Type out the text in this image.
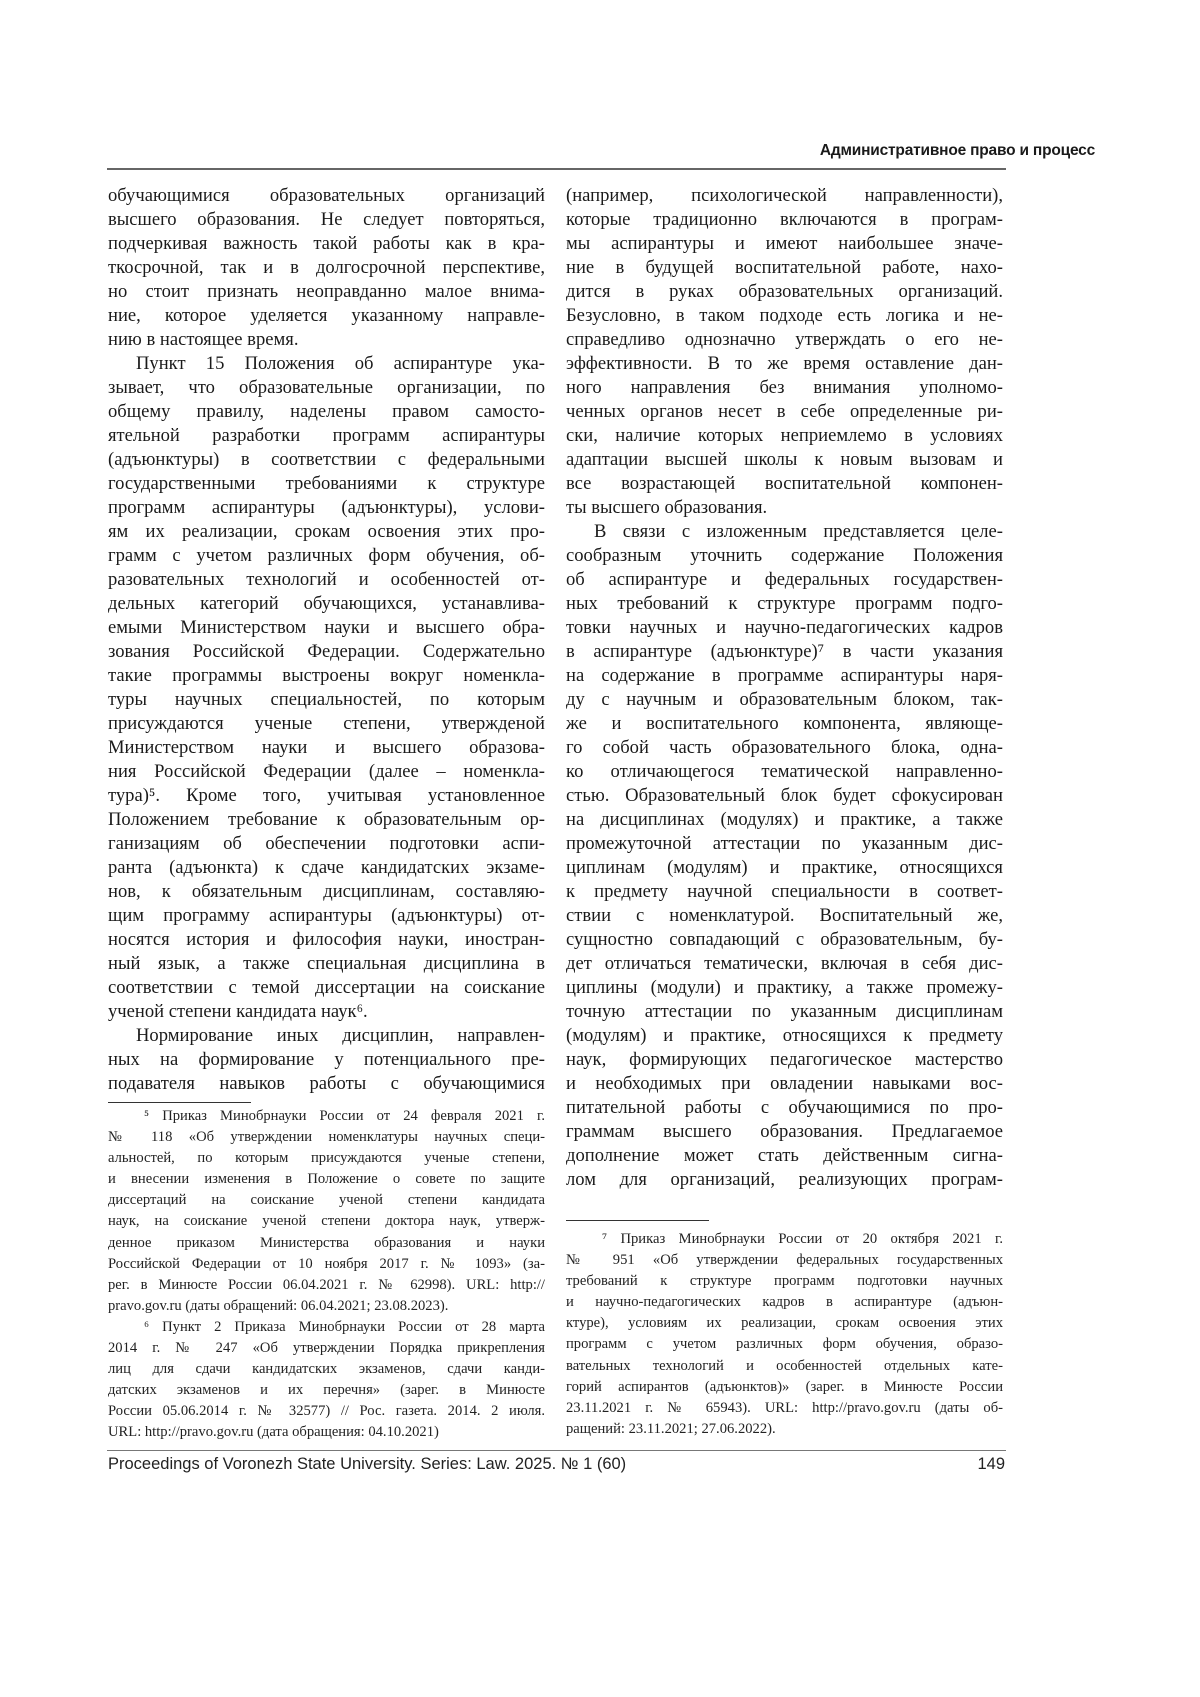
Административное право и процесс
обучающимися образовательных организаций
высшего образования. Не следует повторяться,
подчеркивая важность такой работы как в кра-
ткосрочной, так и в долгосрочной перспективе,
но стоит признать неоправданно малое внима-
ние, которое уделяется указанному направле-
нию в настоящее время.
Пункт 15 Положения об аспирантуре ука-
зывает, что образовательные организации, по
общему правилу, наделены правом самосто-
ятельной разработки программ аспирантуры
(адъюнктуры) в соответствии с федеральными
государственными требованиями к структуре
программ аспирантуры (адъюнктуры), услови-
ям их реализации, срокам освоения этих про-
грамм с учетом различных форм обучения, об-
разовательных технологий и особенностей от-
дельных категорий обучающихся, устанавлива-
емыми Министерством науки и высшего обра-
зования Российской Федерации. Содержательно
такие программы выстроены вокруг номенкла-
туры научных специальностей, по которым
присуждаются ученые степени, утвержденой
Министерством науки и высшего образова-
ния Российской Федерации (далее – номенкла-
тура)⁵. Кроме того, учитывая установленное
Положением требование к образовательным ор-
ганизациям об обеспечении подготовки аспи-
ранта (адъюнкта) к сдаче кандидатских экзаме-
нов, к обязательным дисциплинам, составляю-
щим программу аспирантуры (адъюнктуры) от-
носятся история и философия науки, иностран-
ный язык, а также специальная дисциплина в
соответствии с темой диссертации на соискание
ученой степени кандидата наук⁶.
Нормирование иных дисциплин, направлен-
ных на формирование у потенциального пре-
подавателя навыков работы с обучающимися
(например, психологической направленности),
которые традиционно включаются в програм-
мы аспирантуры и имеют наибольшее значе-
ние в будущей воспитательной работе, нахо-
дится в руках образовательных организаций.
Безусловно, в таком подходе есть логика и не-
справедливо однозначно утверждать о его не-
эффективности. В то же время оставление дан-
ного направления без внимания уполномо-
ченных органов несет в себе определенные ри-
ски, наличие которых неприемлемо в условиях
адаптации высшей школы к новым вызовам и
все возрастающей воспитательной компонен-
ты высшего образования.
В связи с изложенным представляется целе-
сообразным уточнить содержание Положения
об аспирантуре и федеральных государствен-
ных требований к структуре программ подго-
товки научных и научно-педагогических кадров
в аспирантуре (адъюнктуре)⁷ в части указания
на содержание в программе аспирантуры наря-
ду с научным и образовательным блоком, так-
же и воспитательного компонента, являюще-
го собой часть образовательного блока, одна-
ко отличающегося тематической направленно-
стью. Образовательный блок будет сфокусирован
на дисциплинах (модулях) и практике, а также
промежуточной аттестации по указанным дис-
циплинам (модулям) и практике, относящихся
к предмету научной специальности в соответ-
ствии с номенклатурой. Воспитательный же,
сущностно совпадающий с образовательным, бу-
дет отличаться тематически, включая в себя дис-
циплины (модули) и практику, а также промежу-
точную аттестации по указанным дисциплинам
(модулям) и практике, относящихся к предмету
наук, формирующих педагогическое мастерство
и необходимых при овладении навыками вос-
питательной работы с обучающимися по про-
граммам высшего образования. Предлагаемое
дополнение может стать действенным сигна-
лом для организаций, реализующих програм-
⁵ Приказ Минобрнауки России от 24 февраля 2021 г.
№ 118 «Об утверждении номенклатуры научных специ-
альностей, по которым присуждаются ученые степени,
и внесении изменения в Положение о совете по защите
диссертаций на соискание ученой степени кандидата
наук, на соискание ученой степени доктора наук, утверж-
денное приказом Министерства образования и науки
Российской Федерации от 10 ноября 2017 г. № 1093» (за-
рег. в Минюсте России 06.04.2021 г. № 62998). URL: http://
pravo.gov.ru (даты обращений: 06.04.2021; 23.08.2023).
⁶ Пункт 2 Приказа Минобрнауки России от 28 марта
2014 г. № 247 «Об утверждении Порядка прикрепления
лиц для сдачи кандидатских экзаменов, сдачи канди-
датских экзаменов и их перечня» (зарег. в Минюсте
России 05.06.2014 г. № 32577) // Рос. газета. 2014. 2 июля.
URL: http://pravo.gov.ru (дата обращения: 04.10.2021)
⁷ Приказ Минобрнауки России от 20 октября 2021 г.
№ 951 «Об утверждении федеральных государственных
требований к структуре программ подготовки научных
и научно-педагогических кадров в аспирантуре (адъюн-
ктуре), условиям их реализации, срокам освоения этих
программ с учетом различных форм обучения, образо-
вательных технологий и особенностей отдельных кате-
горий аспирантов (адъюнктов)» (зарег. в Минюсте России
23.11.2021 г. № 65943). URL: http://pravo.gov.ru (даты об-
ращений: 23.11.2021; 27.06.2022).
Proceedings of Voronezh State University. Series: Law. 2025. № 1 (60)	149
